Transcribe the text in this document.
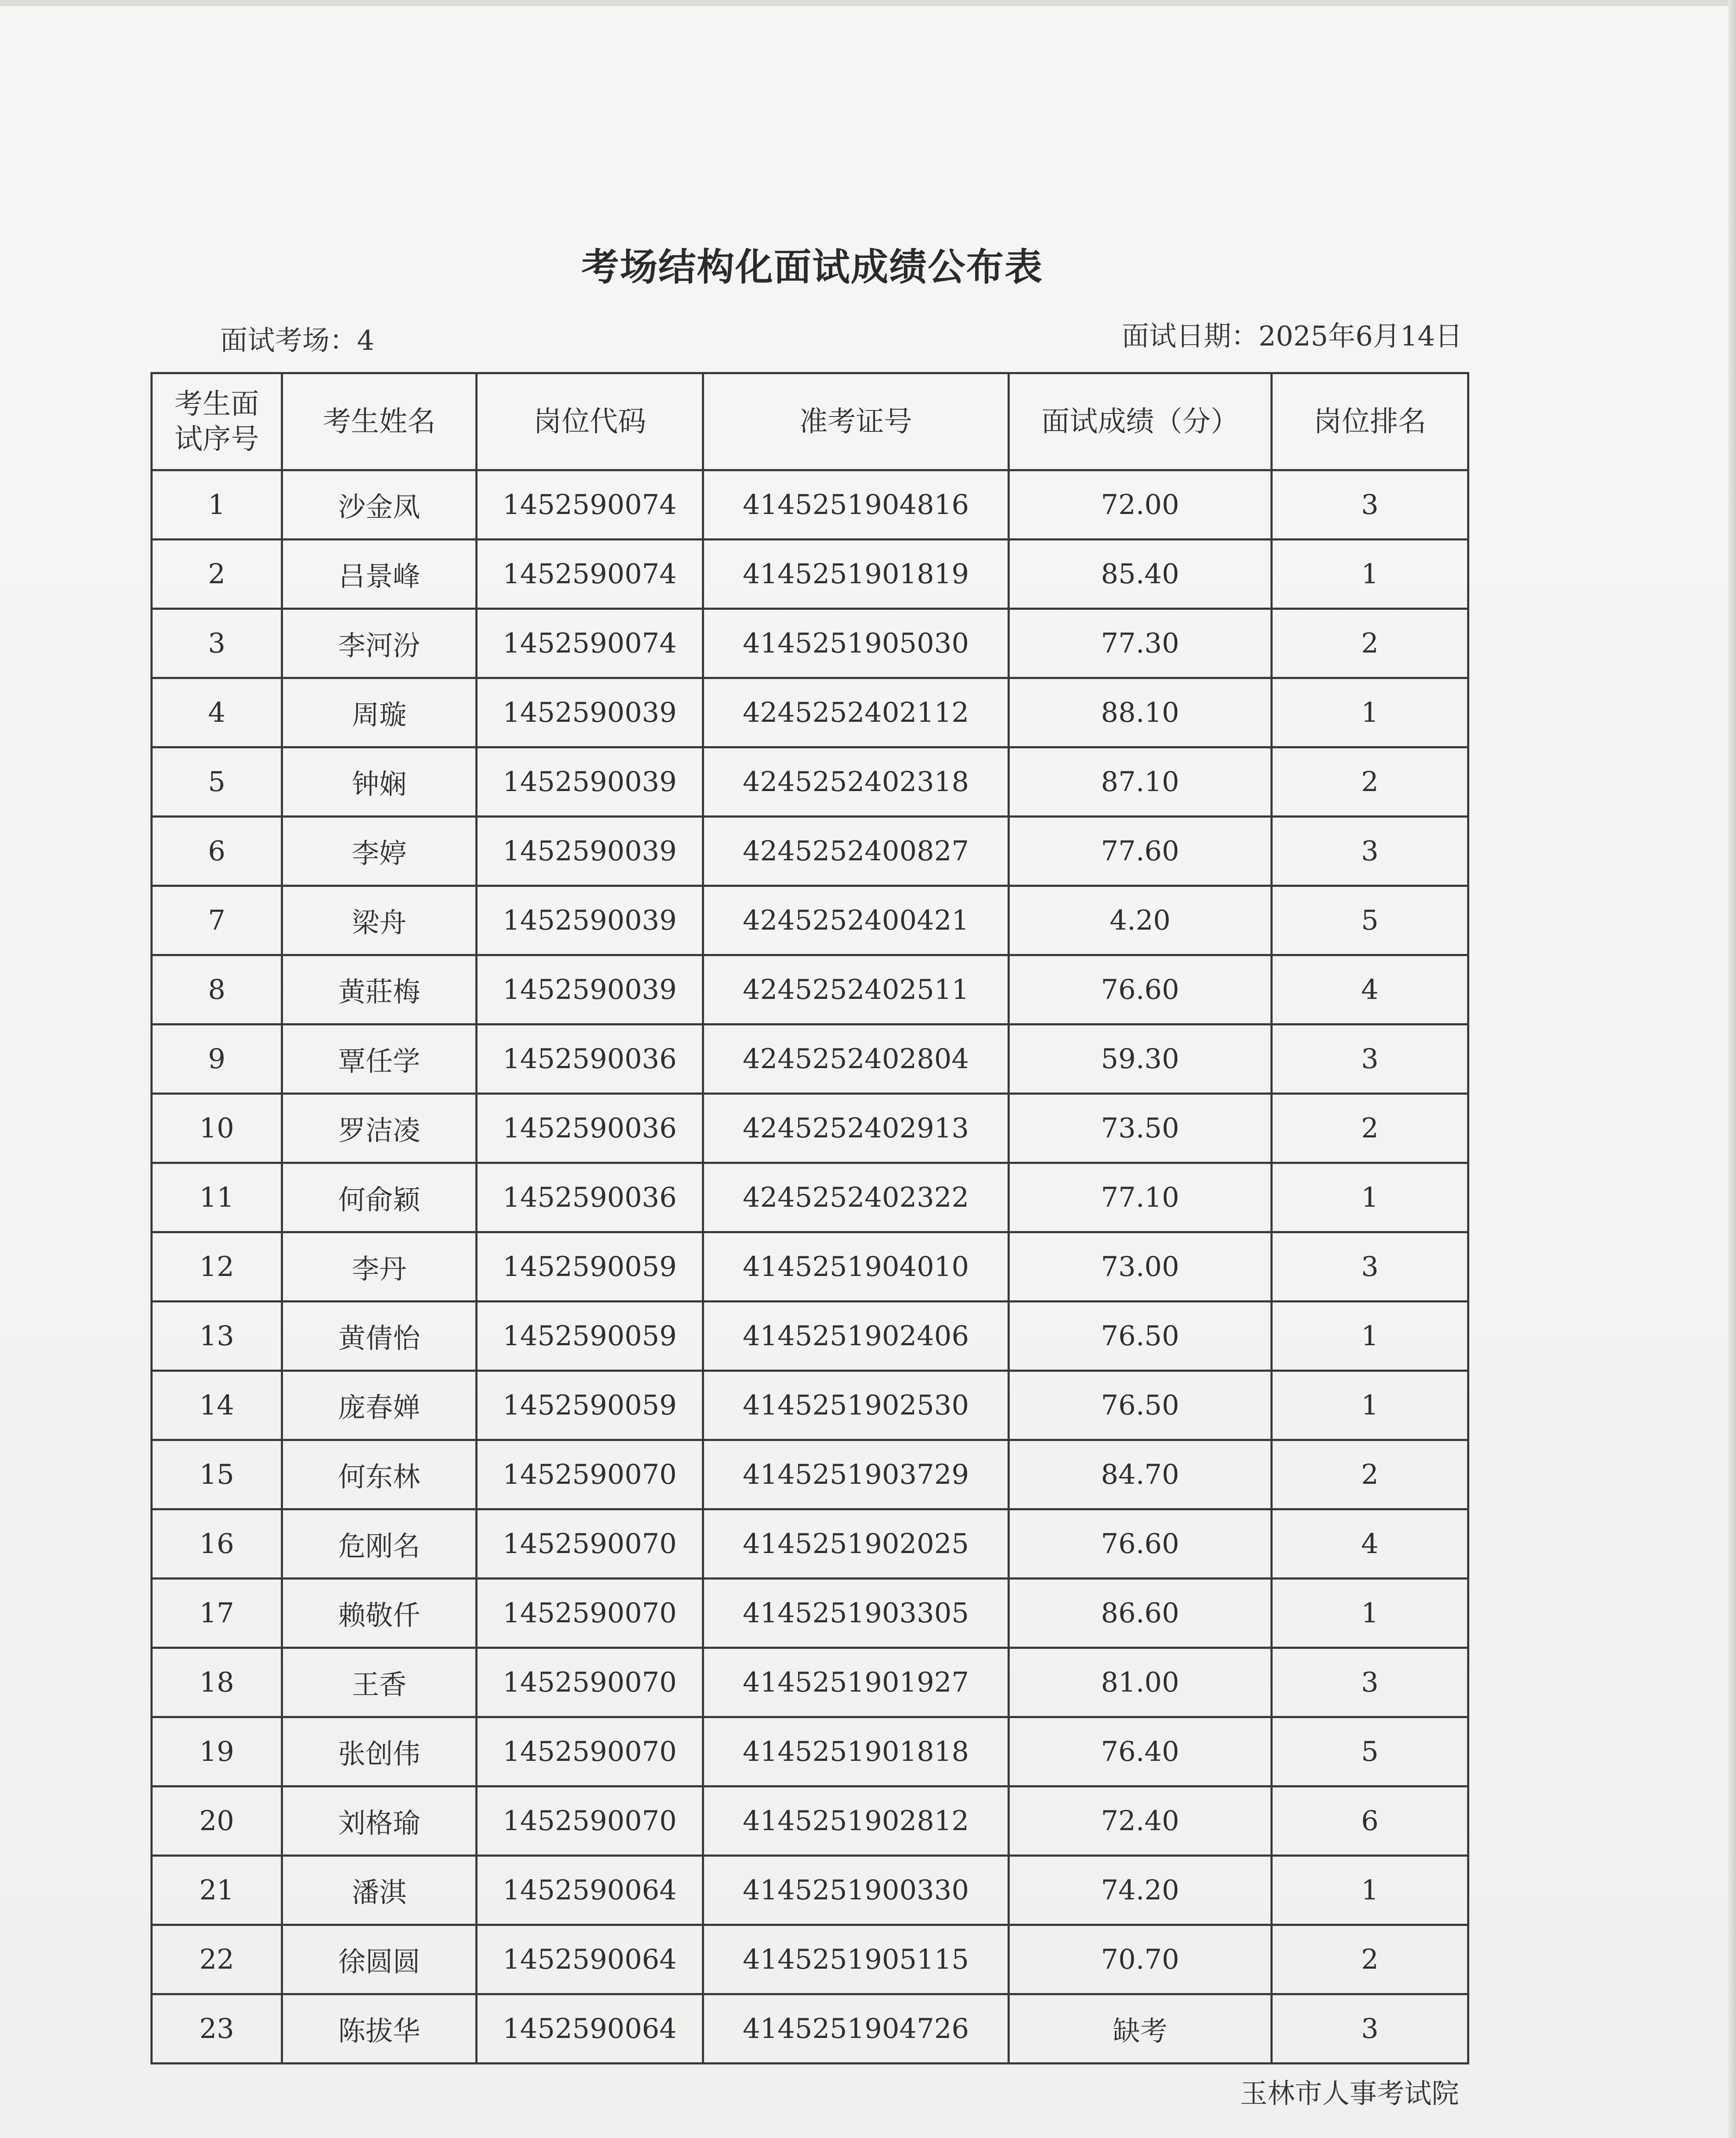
考场结构化面试成绩公布表
面试考场：4	面试日期：2025年6月14日
考生面试序号	考生姓名	岗位代码	准考证号	面试成绩（分）	岗位排名
1	沙金凤	1452590074	4145251904816	72.00	3
2	吕景峰	1452590074	4145251901819	85.40	1
3	李河汾	1452590074	4145251905030	77.30	2
4	周璇	1452590039	4245252402112	88.10	1
5	钟娴	1452590039	4245252402318	87.10	2
6	李婷	1452590039	4245252400827	77.60	3
7	梁舟	1452590039	4245252400421	4.20	5
8	黄莊梅	1452590039	4245252402511	76.60	4
9	覃任学	1452590036	4245252402804	59.30	3
10	罗洁凌	1452590036	4245252402913	73.50	2
11	何俞颖	1452590036	4245252402322	77.10	1
12	李丹	1452590059	4145251904010	73.00	3
13	黄倩怡	1452590059	4145251902406	76.50	1
14	庞春婵	1452590059	4145251902530	76.50	1
15	何东林	1452590070	4145251903729	84.70	2
16	危刚名	1452590070	4145251902025	76.60	4
17	赖敬仟	1452590070	4145251903305	86.60	1
18	王香	1452590070	4145251901927	81.00	3
19	张创伟	1452590070	4145251901818	76.40	5
20	刘格瑜	1452590070	4145251902812	72.40	6
21	潘淇	1452590064	4145251900330	74.20	1
22	徐圆圆	1452590064	4145251905115	70.70	2
23	陈拔华	1452590064	4145251904726	缺考	3
玉林市人事考试院
